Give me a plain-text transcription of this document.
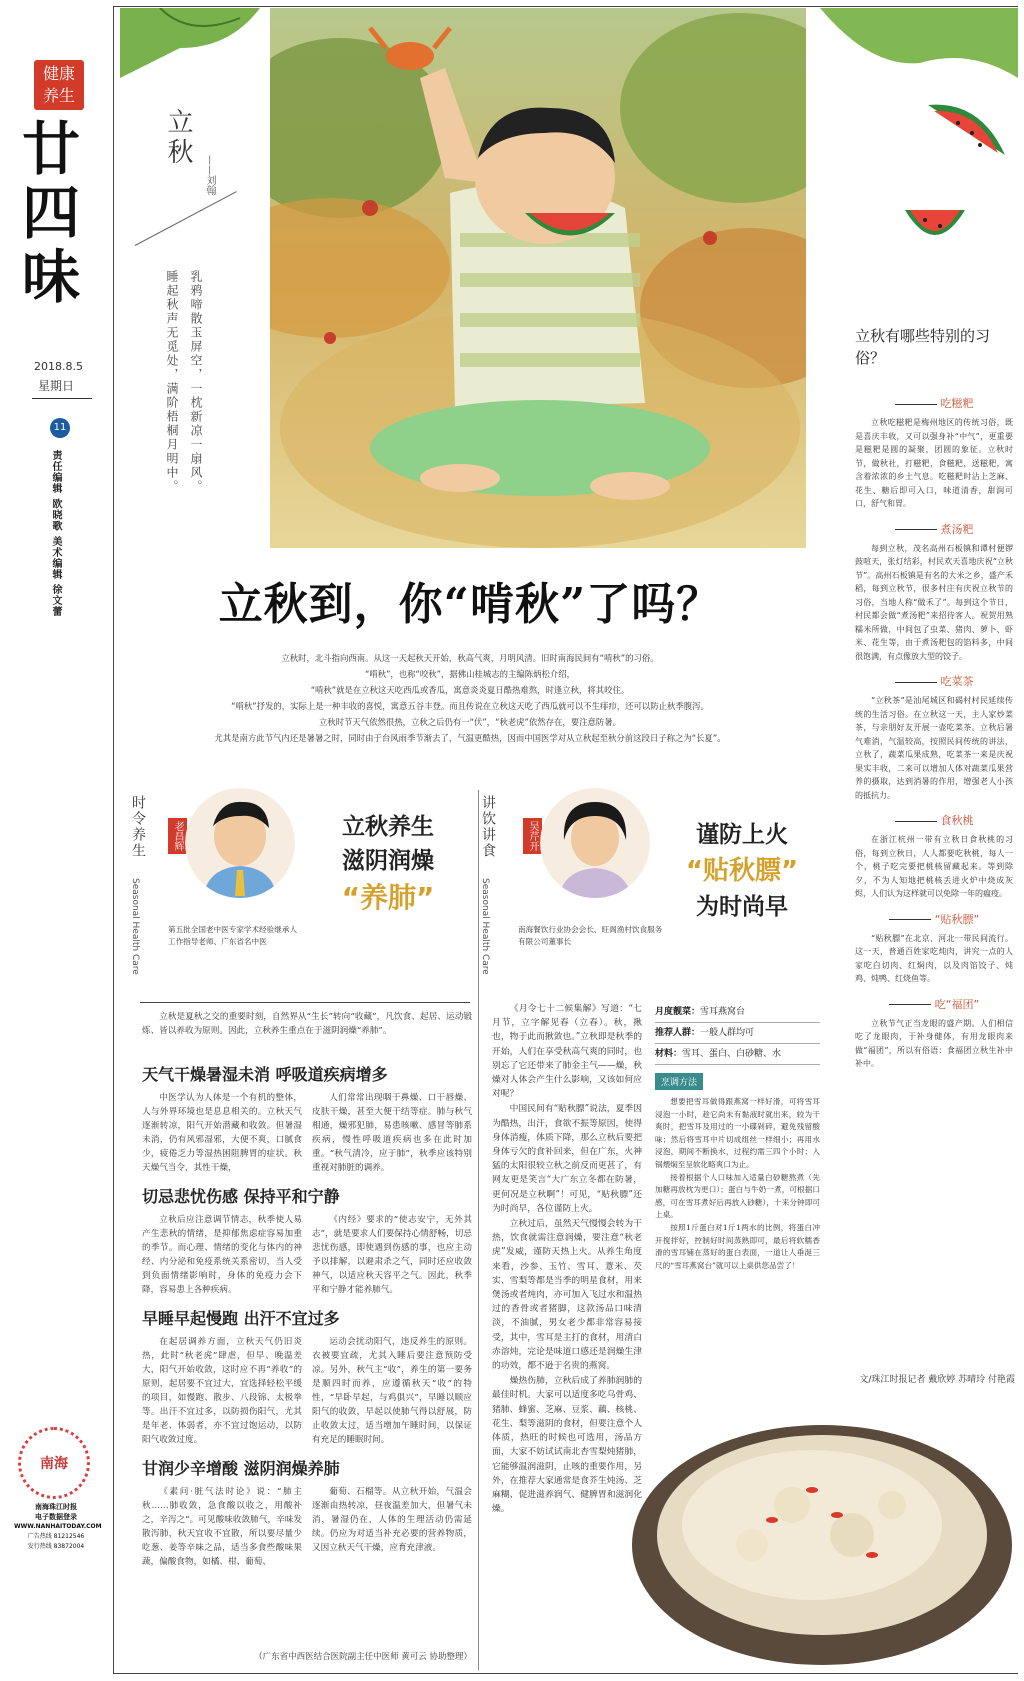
健康
养生
廿四味
2018.8.5
星期日
11
责任编辑 欧晓歌 美术编辑 徐文蕾
南海
南海珠江时报
电子数据登录
WWW.NANHAITODAY.COM
广告热线 81212546
发行热线 83872004
立秋
——刘翰
乳鸦啼散玉屏空，一枕新凉一扇风。
睡起秋声无觅处，满阶梧桐月明中。	立秋有哪些特别的习俗？
吃糍粑

立秋吃糍粑是梅州地区的传统习俗，既是喜庆丰收，又可以强身补“中气”，更重要是糍粑是圆的凝聚，团圆的象征。立秋时节，做秋社，打糍粑，食糍粑，送糍粑，寓含着浓浓的乡土气息。吃糍粑时沾上芝麻、花生、糖后即可入口，味道清香，甜润可口，舒气和胃。

煮汤粑

每到立秋，茂名高州石板镇和谭村便锣鼓喧天，张灯结彩，村民欢天喜地庆祝“立秋节”。高州石板镇是有名的大米之乡，盛产禾稻，每到立秋节，很多村庄有庆祝立秋节的习俗，当地人称“做禾了”。每到这个节日，村民都会做“煮汤粑”来招待客人。祝贺用熟糯米所做，中间包了虫菜、猪肉、萝卜、虾米、花生等，由于煮汤粑包的馅料多，中间很饱满，有点像放大型的饺子。

吃菜茶

“立秋茶”是汕尾城区和碣村村民延续传统的生活习俗。在立秋这一天，主人家炒菜茶，与亲朋好友开展一壶吃菜茶。立秋后暑气难消，气温较高，按照民间传统的讲法，立秋了，蔬菜瓜果成熟，吃菜茶一来是庆祝果实丰收，二来可以增加人体对蔬菜瓜果营养的摄取，达到消暑的作用，增强老人小孩的抵抗力。

食秋桃

在浙江杭州一带有立秋日食秋桃的习俗，每到立秋日，人人都要吃秋桃，每人一个，桃子吃完要把桃核留藏起来。等到除夕，不为人知地把桃核丢进火炉中烧成灰烬，人们认为这样就可以免除一年的瘟疫。

“贴秋膘”

“贴秋膘”在北京、河北一带民间流行。这一天，普通百姓家吃炖肉，讲究一点的人家吃白切肉、红焖肉，以及肉馅饺子、炖鸡、炖鸭、红烧鱼等。

吃“福团”

立秋节气正当龙眼的盛产期。人们相信吃了龙眼肉，于补身健体，有用龙眼肉来做“福团”，所以有俗语：食福团立秋生补中补中。

文/珠江时报记者 戴欣婷 苏晴玲 付艳霞
立秋到，你“啃秋”了吗？
立秋时，北斗指向西南。从这一天起秋天开始，秋高气爽，月明风清。旧时南海民间有“啃秋”的习俗。
“啃秋”，也称“咬秋”，据佛山桂城志的主编陈炳松介绍，
“啃秋”就是在立秋这天吃西瓜或香瓜，寓意炎炎夏日酷热难熬，时逢立秋，将其咬住。
“啃秋”抒发的，实际上是一种丰收的喜悦，寓意五谷丰登。而且传说在立秋这天吃了西瓜就可以不生痱疖，还可以防止秋季腹泻。
立秋时节天气依然很热，立秋之后仍有一“伏”，“秋老虎”依然存在，要注意防暑。
尤其是南方此节气内还是暑暑之时，同时由于台风雨季节渐去了，气温更酷热，因而中国医学对从立秋起至秋分前这段日子称之为“长夏”。
时令养生
Seasonal Health Care
老昌辉
第五批全国老中医专家学术经验继承人工作指导老师、广东省名中医
立秋养生
滋阴润燥
“养肺”

立秋是夏秋之交的重要时刻，自然界从“生长”转向“收藏”，凡饮食、起居、运动锻炼、皆以养收为原则。因此，立秋养生重点在于滋阴润燥“养肺”。

天气干燥暑湿未消 呼吸道疾病增多

中医学认为人体是一个有机的整体，人与外界环境也是息息相关的。立秋天气逐渐转凉，阳气开始潜藏和收敛。但暑湿未消，仍有风邪湿邪，大便不爽，口腻食少，疲倦乏力等湿热困阻脾胃的症状。秋天燥气当令，其性干燥，

人们常常出现咽干鼻燥、口干唇燥、皮肤干燥，甚至大便干结等症。肺与秋气相通，燥邪犯肺，易患咳嗽、感冒等肺系疾病，慢性呼吸道疾病也多在此时加重。“秋气清冷，应于肺”，秋季应该特别重视对肺脏的调养。

切忌悲忧伤感 保持平和宁静

立秋后应注意调节情志，秋季使人易产生悲秋的情绪，是抑郁焦虑症容易加重的季节。而心理、情绪的变化与体内的神经、内分泌和免疫系统关系密切，当人受到负面情绪影响时，身体的免疫力会下降，容易患上各种疾病。

《内经》要求的“使志安宁，无外其志”，就是要求人们要保持心情舒畅，切忌悲忧伤感，即使遇到伤感的事，也应主动予以排解，以避肃杀之气，同时还应收敛神气，以适应秋天容平之气。因此，秋季平和宁静才能养肺气。

早睡早起慢跑 出汗不宜过多

在起居调养方面，立秋天气仍旧炎热，此时“秋老虎”肆虐，但早、晚温差大，阳气开始收敛，这时应不再“养收”的原则，起居要不宜过大，宜选择轻松平缓的项目，如慢跑、散步、八段锦、太极拳等。出汗不宜过多，以防损伤阳气，尤其是年老、体弱者，亦不宜过饱运动，以防阳气收敛过度。

运动会扰动阳气，违反养生的原则。衣被要宜疏，尤其入睡后要注意预防受凉。另外，秋气主“收”，养生的第一要务是顺四时而养，应遵循秋天“收”的特性，“早卧早起，与鸡俱兴”，早睡以顺应阳气的收敛，早起以使肺气得以舒展，防止收敛太过，适当增加午睡时间，以保证有充足的睡眠时间。

甘润少辛增酸 滋阴润燥养肺

《素问·脏气法时论》说：“肺主秋……肺收敛，急食酸以收之，用酸补之，辛泻之”。可见酸味收敛肺气，辛味发散泻肺，秋天宜收不宜散，所以要尽量少吃葱、姜等辛味之品，适当多食些酸味果蔬，偏酸食物，如橘、柑、葡萄、

葡萄、石榴等。从立秋开始，气温会逐渐由热转凉，昼夜温差加大，但暑气未消，暑湿仍在，人体的生理活动仍需延续。仍应为对适当补充必要的营养物质，又因立秋天气干燥，应育充津液。

（广东省中西医结合医院副主任中医师 黄可云 协助整理）
讲饮讲食
Seasonal Health Care
吴芹开
南海餐饮行业协会会长、旺阁渔村饮食服务有限公司董事长
谨防上火
“贴秋膘”
为时尚早

《月令七十二候集解》写道：“七月节，立字解见春（立春）。秋，揪也，物于此而揪敛也。”立秋即是秋季的开始，人们在享受秋高气爽的同时，也别忘了它还带来了肺金主气——燥，秋燥对人体会产生什么影响，又该如何应对呢？

中国民间有“贴秋膘”说法，夏季因为酷热，出汗，食欲不振等原因，使得身体消瘦，体质下降，那么立秋后要把身体亏欠的食补回来，但在广东，火神猛的太阳很较立秋之前反而更甚了，有网友更是笑言“大广东立冬都在防暑，更何况是立秋啊”！可见，“贴秋膘”还为时尚早，各位谨防上火。

立秋过后，虽然天气慢慢会转为干热，饮食就需注意润燥，要注意“秋老虎”发威，谨防天热上火。从养生角度来看，沙参、玉竹、雪耳、薏米、芡实、雪梨等都是当季的明星食材，用来煲汤或者炖肉，亦可加入飞过水和温热过的香骨或者猪脚，这款汤品口味清淡，不油腻，男女老少都非常容易接受，其中，雪耳是主打的食材，用清白赤溶炖，完论是味道口感还是润燥生津的功效，都不逊于名贵的燕窝。

燥热伤肺，立秋后成了养肺润肺的最佳时机。大家可以适度多吃乌骨鸡、猪肺、蜂蜜、芝麻、豆浆、藕、核桃、花生、梨等滋阴的食材，但要注意个人体质，热旺的时候也可选用，汤品方面，大家不妨试试南北杏雪梨炖猪肺，它能够温润滋阴，止咳的重要作用，另外，在推荐大家通常是食芥生炖汤、芝麻糊、促进滋养润气、健脾胃和滋润化燥。

月度靓菜：雪耳燕窝台
推荐人群：一般人群均可
材料：雪耳、蛋白、白砂糖、水
烹调方法

想要把雪耳做得跟燕窝一样好滑，可将雪耳浸泡一小时，趁它尚未有黏液时就出来，较为干爽时，把雪耳及用过的一小碟剁碎，避免残留酸味；然后将雪耳中片切成组丝一样细小；再用水浸泡，期间不断换水，过程约需三四个小时；入锅煨焖至呈软化略爽口为止。

接着根据个人口味加入适量白砂糖熬煮（先加糖再放枕为更口）；蛋白与牛奶一煮，可根据口感，可在雪耳煮好后再放入砂糖），十来分钟即可上桌。

按照1斤蛋白对1斤1两水的比例，将蛋白冲开搅拌好，控制好时间蒸熟即可，最后将软糯香滑的雪耳铺在蒸好的蛋白表面，一道让人垂涎三尺的“雪耳燕窝台”就可以上桌供您品尝了！
